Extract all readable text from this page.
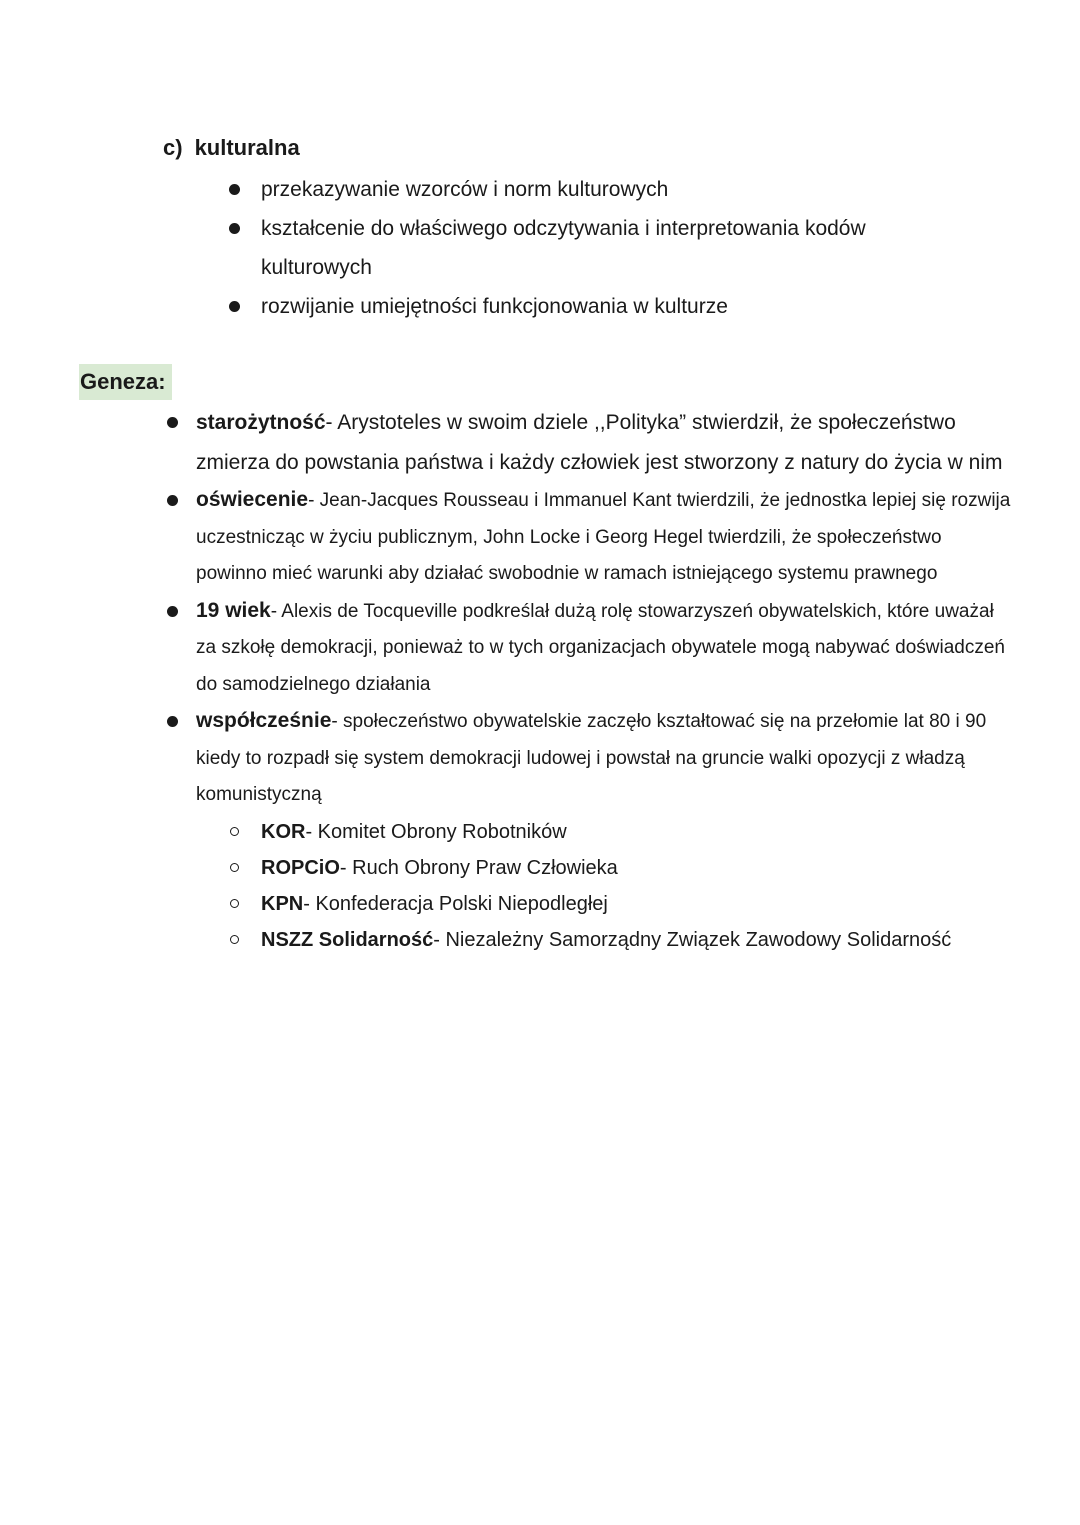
c) kulturalna
przekazywanie wzorców i norm kulturowych
kształcenie do właściwego odczytywania i interpretowania kodów kulturowych
rozwijanie umiejętności funkcjonowania w kulturze
Geneza:
starożytność- Arystoteles w swoim dziele ,,Polityka” stwierdził, że społeczeństwo zmierza do powstania państwa i każdy człowiek jest stworzony z natury do życia w nim
oświecenie- Jean-Jacques Rousseau i Immanuel Kant twierdzili, że jednostka lepiej się rozwija uczestnicząc w życiu publicznym, John Locke i Georg Hegel twierdzili, że społeczeństwo powinno mieć warunki aby działać swobodnie w ramach istniejącego systemu prawnego
19 wiek- Alexis de Tocqueville podkreślał dużą rolę stowarzyszeń obywatelskich, które uważał za szkołę demokracji, ponieważ to w tych organizacjach obywatele mogą nabywać doświadczeń do samodzielnego działania
współcześnie- społeczeństwo obywatelskie zaczęło kształtować się na przełomie lat 80 i 90 kiedy to rozpadł się system demokracji ludowej i powstał na gruncie walki opozycji z władzą komunistyczną
KOR- Komitet Obrony Robotników
ROPCiO- Ruch Obrony Praw Człowieka
KPN- Konfederacja Polski Niepodległej
NSZZ Solidarność- Niezależny Samorządny Związek Zawodowy Solidarność
